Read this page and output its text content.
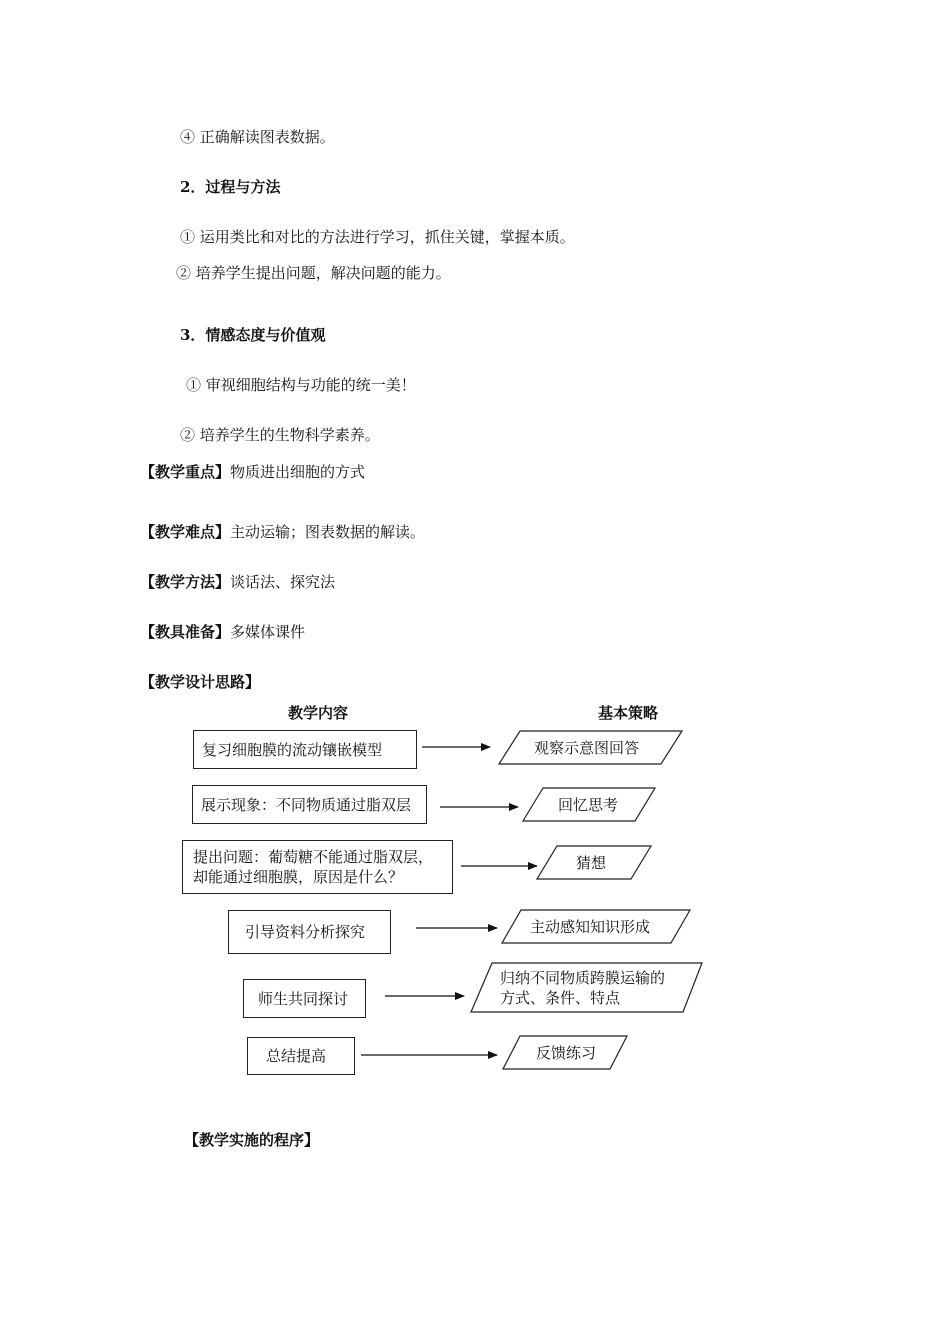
④ 正确解读图表数据。
2．过程与方法
① 运用类比和对比的方法进行学习，抓住关键，掌握本质。
② 培养学生提出问题，解决问题的能力。
3．情感态度与价值观
① 审视细胞结构与功能的统一美！
② 培养学生的生物科学素养。
【教学重点】物质进出细胞的方式
【教学难点】主动运输；图表数据的解读。
【教学方法】谈话法、探究法
【教具准备】多媒体课件
【教学设计思路】
教学内容	基本策略
复习细胞膜的流动镶嵌模型
展示现象：不同物质通过脂双层
提出问题：葡萄糖不能通过脂双层，
却能通过细胞膜，原因是什么？
引导资料分析探究
师生共同探讨
总结提高
观察示意图回答
回忆思考
猜想
主动感知知识形成
归纳不同物质跨膜运输的
方式、条件、特点
反馈练习
【教学实施的程序】
